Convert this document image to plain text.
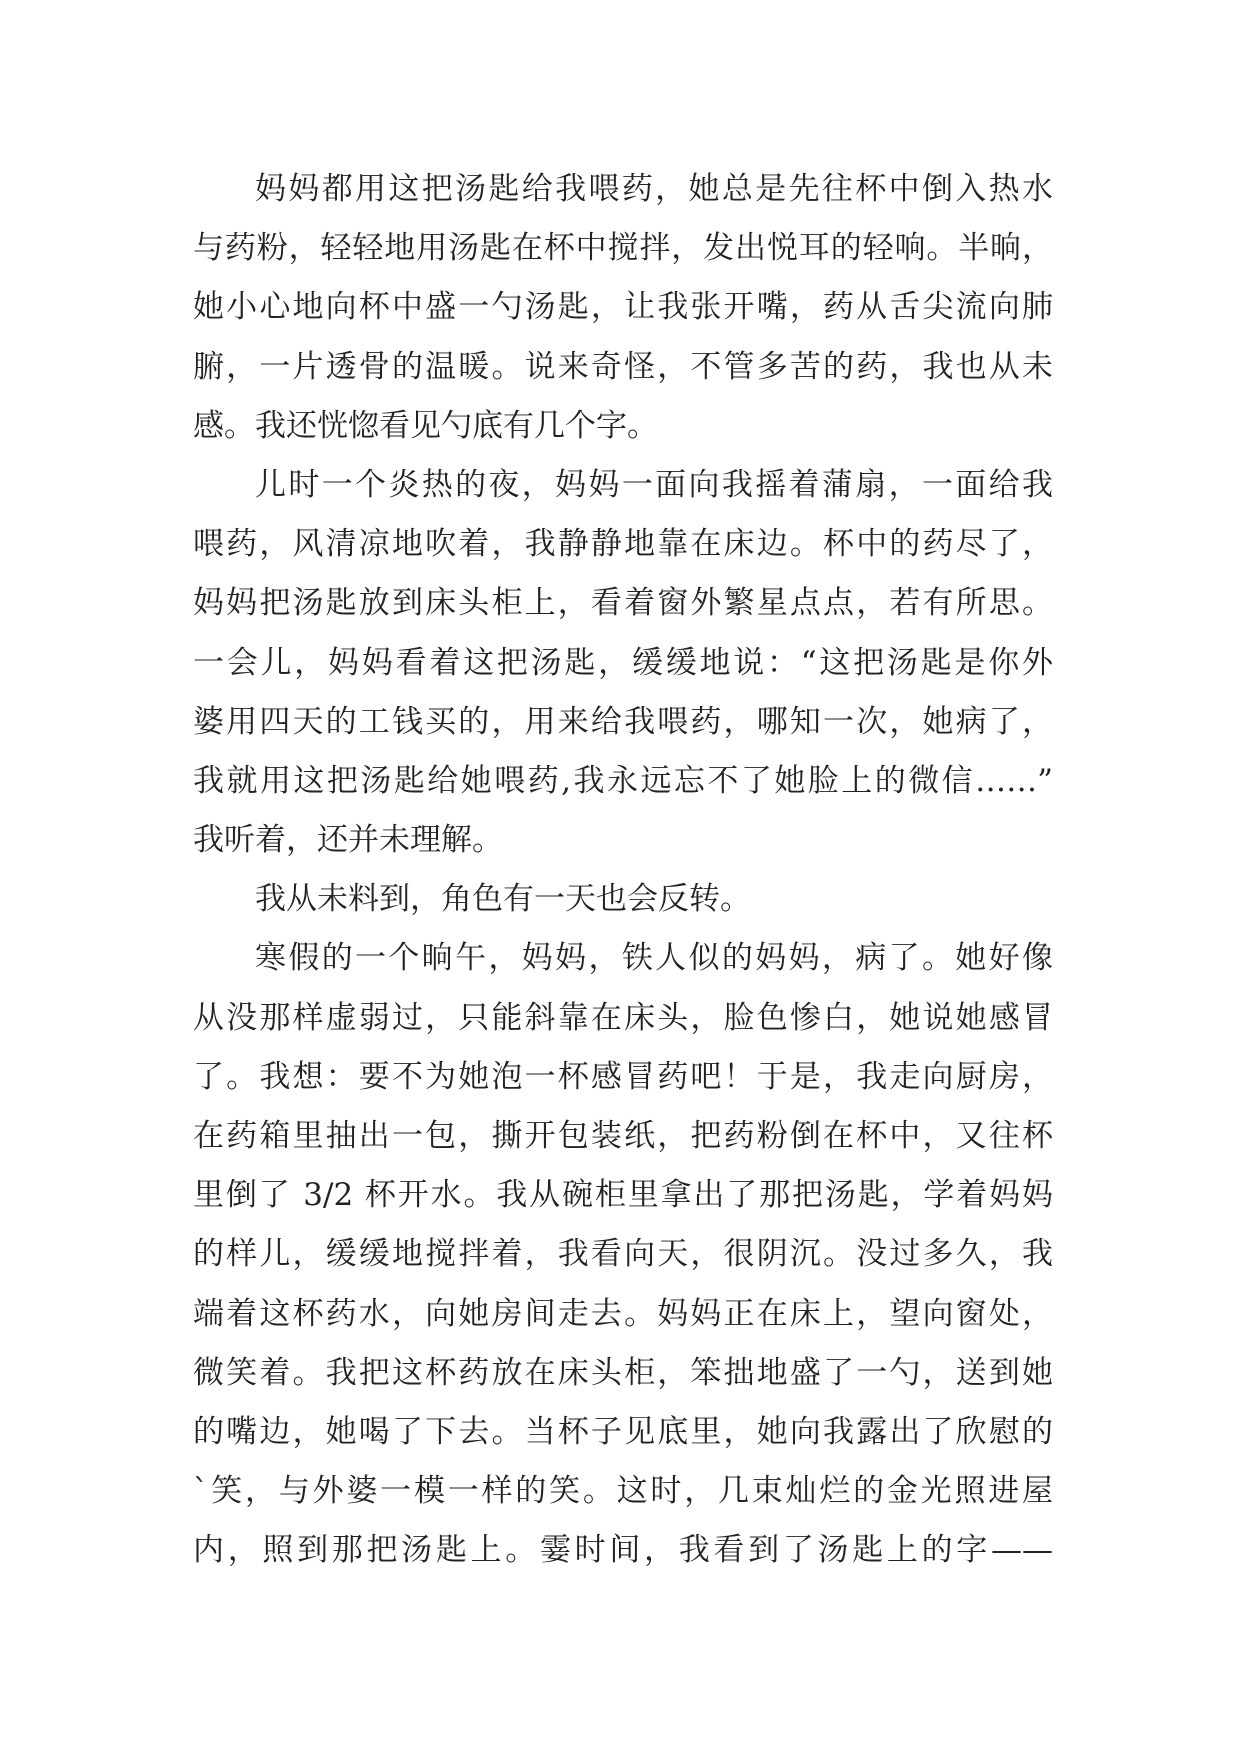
妈妈都用这把汤匙给我喂药，她总是先往杯中倒入热水
与药粉，轻轻地用汤匙在杯中搅拌，发出悦耳的轻响。半晌，
她小心地向杯中盛一勺汤匙，让我张开嘴，药从舌尖流向肺
腑，一片透骨的温暖。说来奇怪，不管多苦的药，我也从未
感。我还恍惚看见勺底有几个字。
儿时一个炎热的夜，妈妈一面向我摇着蒲扇，一面给我
喂药，风清凉地吹着，我静静地靠在床边。杯中的药尽了，
妈妈把汤匙放到床头柜上，看着窗外繁星点点，若有所思。
一会儿，妈妈看着这把汤匙，缓缓地说：“这把汤匙是你外
婆用四天的工钱买的，用来给我喂药，哪知一次，她病了，
我就用这把汤匙给她喂药,我永远忘不了她脸上的微信……”
我听着，还并未理解。
我从未料到，角色有一天也会反转。
寒假的一个晌午，妈妈，铁人似的妈妈，病了。她好像
从没那样虚弱过，只能斜靠在床头，脸色惨白，她说她感冒
了。我想：要不为她泡一杯感冒药吧！于是，我走向厨房，
在药箱里抽出一包，撕开包装纸，把药粉倒在杯中，又往杯
里倒了 3/2 杯开水。我从碗柜里拿出了那把汤匙，学着妈妈
的样儿，缓缓地搅拌着，我看向天，很阴沉。没过多久，我
端着这杯药水，向她房间走去。妈妈正在床上，望向窗处，
微笑着。我把这杯药放在床头柜，笨拙地盛了一勺，送到她
的嘴边，她喝了下去。当杯子见底里，她向我露出了欣慰的
`笑，与外婆一模一样的笑。这时，几束灿烂的金光照进屋
内，照到那把汤匙上。霎时间，我看到了汤匙上的字——
